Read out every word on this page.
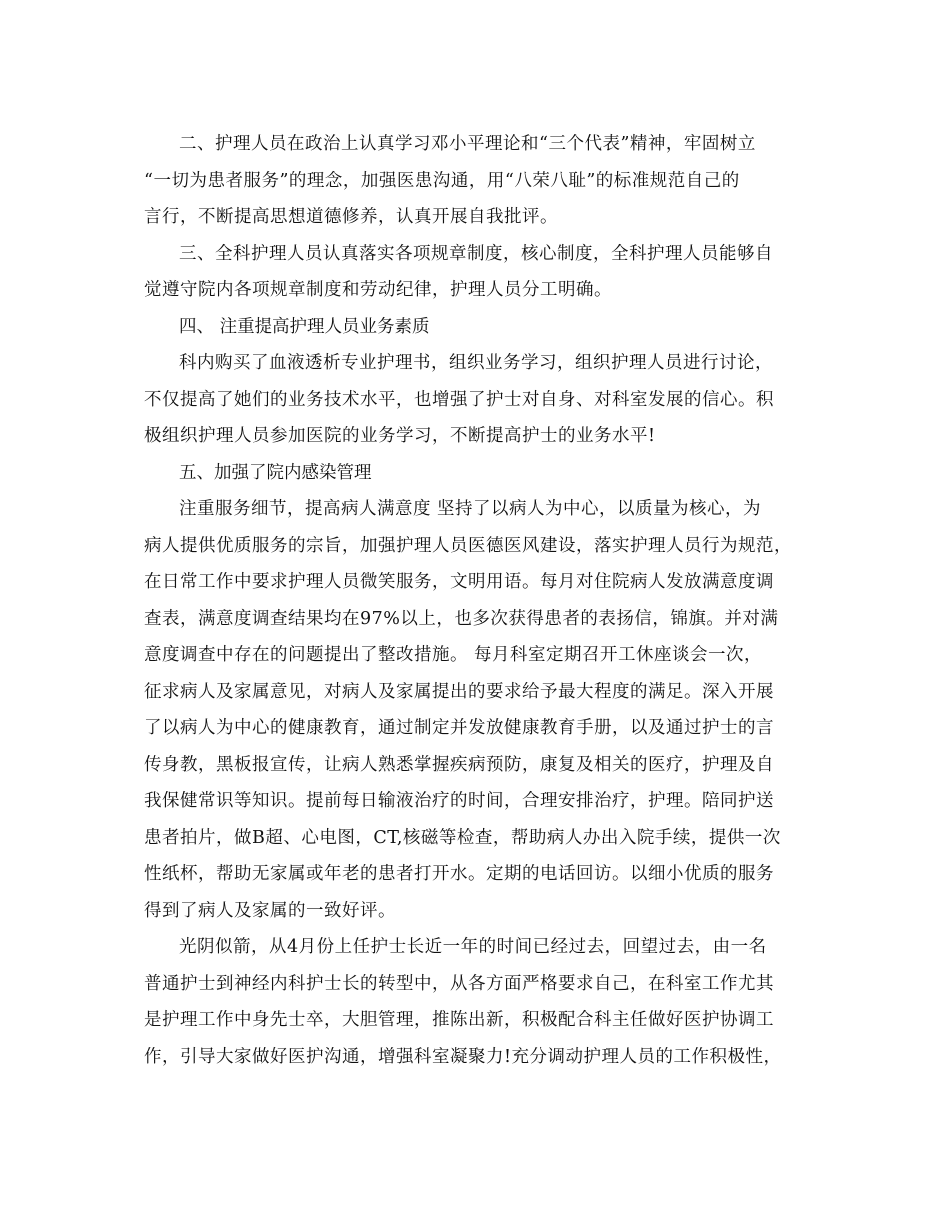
二、护理人员在政治上认真学习邓小平理论和“三个代表”精神，牢固树立
“一切为患者服务”的理念，加强医患沟通，用“八荣八耻”的标准规范自己的
言行，不断提高思想道德修养，认真开展自我批评。

三、全科护理人员认真落实各项规章制度，核心制度，全科护理人员能够自
觉遵守院内各项规章制度和劳动纪律，护理人员分工明确。

四、 注重提高护理人员业务素质

科内购买了血液透析专业护理书，组织业务学习，组织护理人员进行讨论，
不仅提高了她们的业务技术水平，也增强了护士对自身、对科室发展的信心。积
极组织护理人员参加医院的业务学习，不断提高护士的业务水平!

五、加强了院内感染管理

注重服务细节，提高病人满意度 坚持了以病人为中心，以质量为核心，为
病人提供优质服务的宗旨，加强护理人员医德医风建设，落实护理人员行为规范，
在日常工作中要求护理人员微笑服务，文明用语。每月对住院病人发放满意度调
查表，满意度调查结果均在97%以上，也多次获得患者的表扬信，锦旗。并对满
意度调查中存在的问题提出了整改措施。 每月科室定期召开工休座谈会一次，
征求病人及家属意见，对病人及家属提出的要求给予最大程度的满足。深入开展
了以病人为中心的健康教育，通过制定并发放健康教育手册，以及通过护士的言
传身教，黑板报宣传，让病人熟悉掌握疾病预防，康复及相关的医疗，护理及自
我保健常识等知识。提前每日输液治疗的时间，合理安排治疗，护理。陪同护送
患者拍片，做B超、心电图，CT,核磁等检查，帮助病人办出入院手续，提供一次
性纸杯，帮助无家属或年老的患者打开水。定期的电话回访。以细小优质的服务
得到了病人及家属的一致好评。

光阴似箭，从4月份上任护士长近一年的时间已经过去，回望过去，由一名
普通护士到神经内科护士长的转型中，从各方面严格要求自己，在科室工作尤其
是护理工作中身先士卒，大胆管理，推陈出新，积极配合科主任做好医护协调工
作，引导大家做好医护沟通，增强科室凝聚力!充分调动护理人员的工作积极性，
